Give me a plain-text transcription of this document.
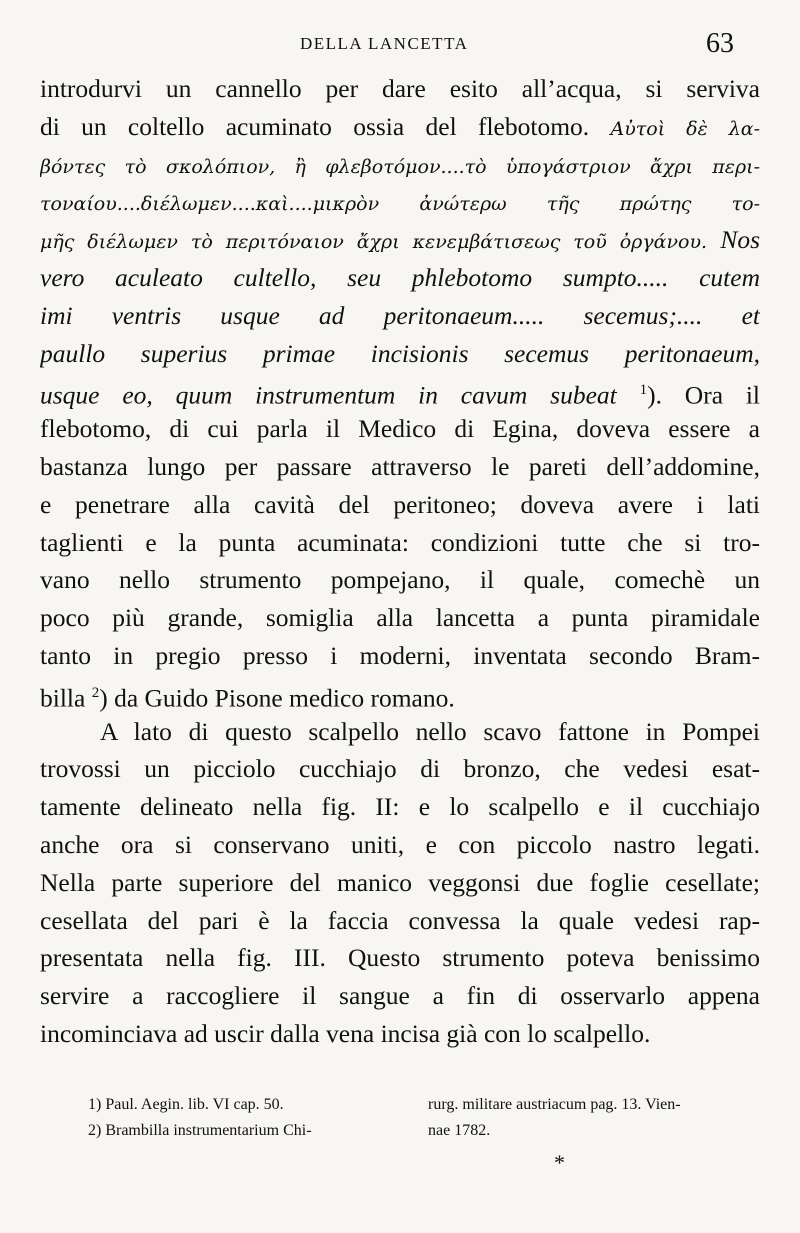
DELLA LANCETTA	63
introdurvi un cannello per dare esito all’acqua, si serviva
di un coltello acuminato ossia del flebotomo. Αὐτοὶ δὲ λα-
βόντες τὸ σκολόπιον, ἢ φλεβοτόμον....τὸ ὑπογάστριον ἄχρι περι-
τοναίου....διέλωμεν....καὶ....μικρὸν ἀνώτερω τῆς πρώτης το-
μῆς διέλωμεν τὸ περιτόναιον ἄχρι κενεμβάτισεως τοῦ ὀργάνου. Nos
vero aculeato cultello, seu phlebotomo sumpto..... cutem
imi ventris usque ad peritonaeum..... secemus;.... et
paullo superius primae incisionis secemus peritonaeum,
usque eo, quum instrumentum in cavum subeat $^1$). Ora il
flebotomo, di cui parla il Medico di Egina, doveva essere a
bastanza lungo per passare attraverso le pareti dell’addomine,
e penetrare alla cavità del peritoneo; doveva avere i lati
taglienti e la punta acuminata: condizioni tutte che si tro-
vano nello strumento pompejano, il quale, comechè un
poco più grande, somiglia alla lancetta a punta piramidale
tanto in pregio presso i moderni, inventata secondo Bram-
billa $^2$) da Guido Pisone medico romano.
A lato di questo scalpello nello scavo fattone in Pompei
trovossi un picciolo cucchiajo di bronzo, che vedesi esat-
tamente delineato nella fig. II: e lo scalpello e il cucchiajo
anche ora si conservano uniti, e con piccolo nastro legati.
Nella parte superiore del manico veggonsi due foglie cesellate;
cesellata del pari è la faccia convessa la quale vedesi rap-
presentata nella fig. III. Questo strumento poteva benissimo
servire a raccogliere il sangue a fin di osservarlo appena
incominciava ad uscir dalla vena incisa già con lo scalpello.
1) Paul. Aegin. lib. VI cap. 50.	rurg. militare austriacum pag. 13. Vien-
2) Brambilla instrumentarium Chi-	nae 1782.
*
